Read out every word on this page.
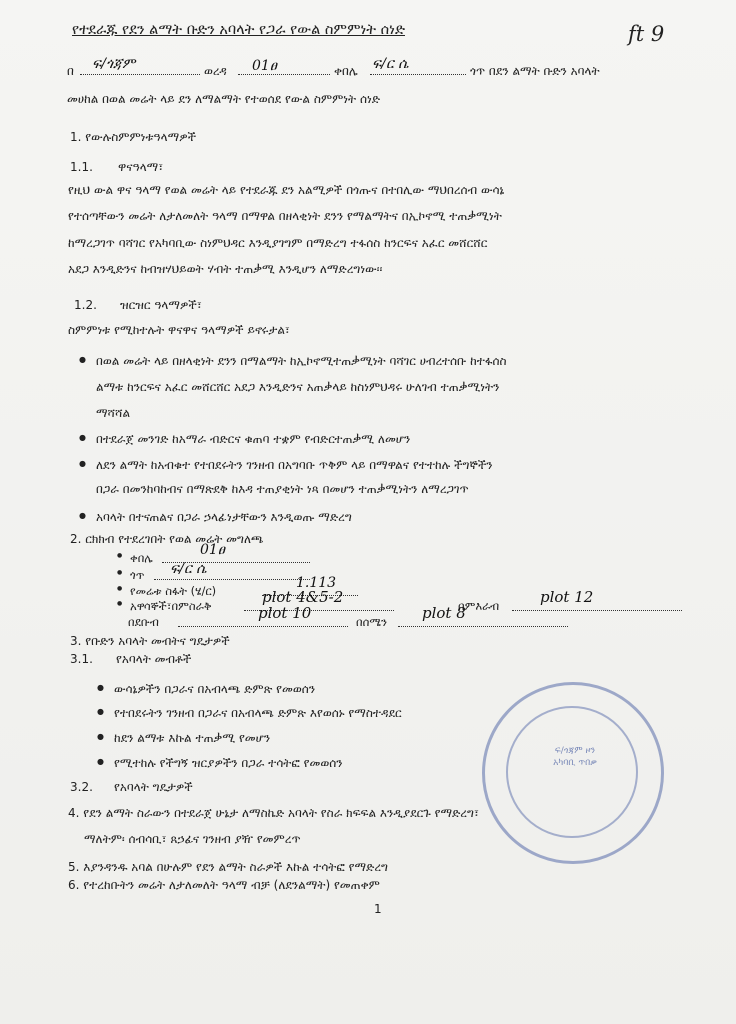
የተደራጁ የደን ልማት ቡድን አባላት የጋራ የውል ስምምነት ሰነድ	ft 9
በ ፍ/ጎጃም	ወረዳ 01ፀ	ቀበሌ ፍ/ር ሴ	ጎጥ በደን ልማት ቡድን አባላት
መሀከል በወል መሬት ላይ ደን ለማልማት የተወሰደ የውል ስምምነት ሰነድ
1. የውሉስምምነቱዓላማዎች
1.1. ዋናዓላማ፣
የዚህ ውል ዋና ዓላማ የወል መሬት ላይ የተደራጁ ደን አልሚዎች በጎጡና በተበሊው ማህበረሰብ ውሳኔ
የተሰጣቸውን መሬት ለታለመለት ዓላማ በማዋል በዘላቂነት ደንን የማልማትና በኢኮኖሚ ተጠቃሚነት
ከማረጋገጥ ባሻገር የአካባቢው ስነምህዳር እንዲያገግም በማድረግ ተፋሰስ ከንርፍና አፈር መሸርሸር
አደጋ እንዲድንና ከብዝሃህይወት ሃብት ተጠቃሚ እንዲሆን ለማድረግነው፡፡
1.2. ዝርዝር ዓላማዎች፣
ስምምነቱ የሚከተሉት ዋናዋና ዓላማዎች ይኖሩታል፣
● በወል መሬት ላይ በዘላቂነት ደንን በማልማት ከኢኮኖሚተጠቃሚነት ባሻገር ሀብረተሰቡ ከተፋሰስ
ልማቱ ከንርፍና አፈር መሸርሸር አደጋ እንዲድንና አጠቃላይ ከስነምህዳሩ ሁለገብ ተጠቃሚነትን
ማሻሻል
● በተደራጀ መንገድ ከአማራ ብድርና ቁጠባ ተቋም የብድርተጠቃሚ ለመሆን
● ለደን ልማት ከአብቁተ የተበደሩትን ገንዘብ በአግባቡ ጥቅም ላይ በማዋልና የተተከሉ ችግኞችን
በጋራ በመንከባከብና በማጽደቅ ከእዳ ተጠያቂነት ነጻ በመሆን ተጠቃሚነትን ለማረጋገጥ
● አባላት በተናጠልና በጋራ ኃላፊነታቸውን እንዲወጡ ማድረግ
2. ርክክብ የተደረገበት የወል መሬት መግለጫ
● ቀበሌ	01ፀ
● ጎጥ ፍ/ር ሴ
● የመሬቱ ስፋት (ሄ/ር)	1.113
● አዋሳኞች፣በምስራቅ	plot 4&5-2	በምእራብ	plot 12
በደቡብ	plot 10	በሰሜን plot 8
3. የቡድን አባላት መብትና ግዴታዎች
3.1. የአባላት መብቶች
● ውሳኔዎችን በጋራና በአብላጫ ድምጽ የመወሰን
● የተበደሩትን ገንዘብ በጋራና በአብላጫ ድምጽ እየወሰኑ የማስተዳደር
● ከደን ልማቱ እኩል ተጠቃሚ የመሆን
● የሚተከሉ የችግኝ ዝርያዎችን በጋራ ተሳትፎ የመወሰን
3.2. የአባላት ግዴታዎች
4. የደን ልማት ስራውን በተደራጀ ሁኔታ ለማስኬድ አባላት የስራ ክፍፍል እንዲያደርጉ የማድረግ፣
ማለትም፡ ሰብሳቢ፣ ጸኃፊና ገንዘብ ያዥ የመምረጥ
5. እያንዳንዱ አባል በሁሉም የደን ልማት ስራዎች እኩል ተሳትፎ የማድረግ
6. የተረከቡትን መሬት ለታለመለት ዓላማ ብቻ (ለደንልማት) የመጠቀም
1
ፍ/ጎጃም ዞን አካባቢ ጥበቃ
